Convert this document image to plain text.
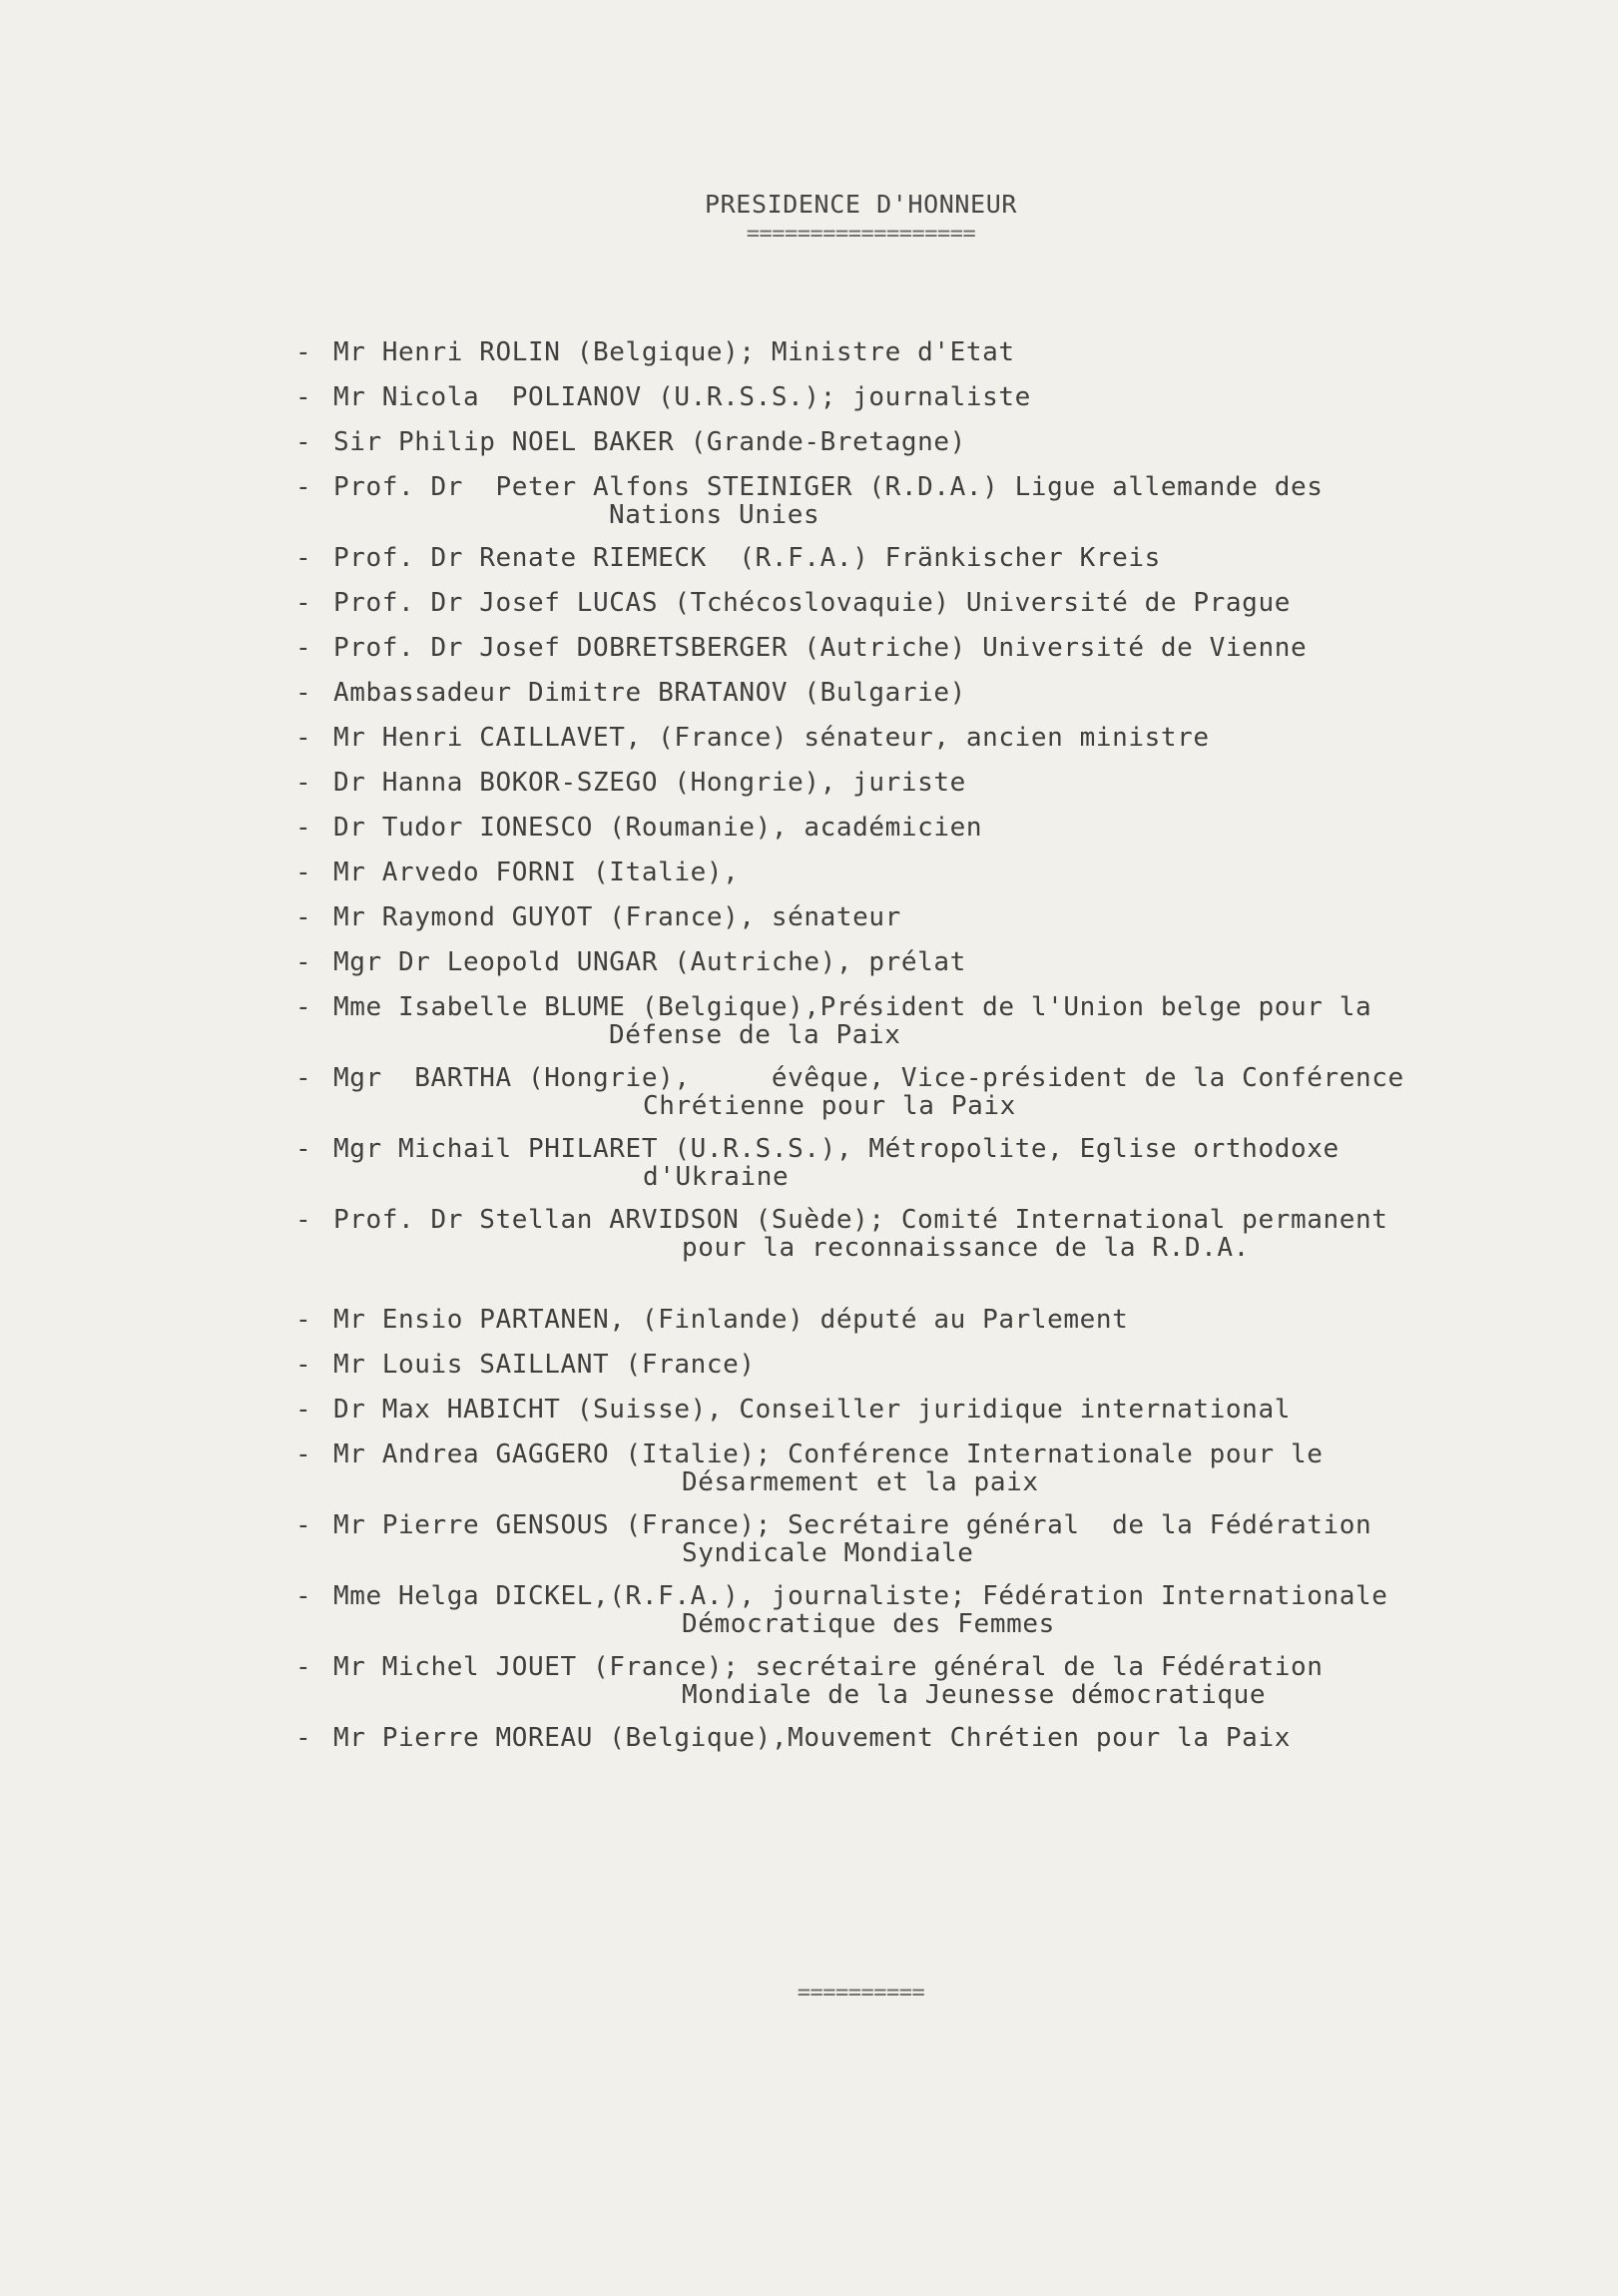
PRESIDENCE D'HONNEUR
==================
- Mr Henri ROLIN (Belgique); Ministre d'Etat
- Mr Nicola  POLIANOV (U.R.S.S.); journaliste
- Sir Philip NOEL BAKER (Grande-Bretagne)
- Prof. Dr  Peter Alfons STEINIGER (R.D.A.) Ligue allemande des
Nations Unies
- Prof. Dr Renate RIEMECK  (R.F.A.) Fränkischer Kreis
- Prof. Dr Josef LUCAS (Tchécoslovaquie) Université de Prague
- Prof. Dr Josef DOBRETSBERGER (Autriche) Université de Vienne
- Ambassadeur Dimitre BRATANOV (Bulgarie)
- Mr Henri CAILLAVET, (France) sénateur, ancien ministre
- Dr Hanna BOKOR-SZEGO (Hongrie), juriste
- Dr Tudor IONESCO (Roumanie), académicien
- Mr Arvedo FORNI (Italie),
- Mr Raymond GUYOT (France), sénateur
- Mgr Dr Leopold UNGAR (Autriche), prélat
- Mme Isabelle BLUME (Belgique),Président de l'Union belge pour la
Défense de la Paix
- Mgr  BARTHA (Hongrie),     évêque, Vice-président de la Conférence
Chrétienne pour la Paix
- Mgr Michail PHILARET (U.R.S.S.), Métropolite, Eglise orthodoxe
d'Ukraine
- Prof. Dr Stellan ARVIDSON (Suède); Comité International permanent
pour la reconnaissance de la R.D.A.
- Mr Ensio PARTANEN, (Finlande) député au Parlement
- Mr Louis SAILLANT (France)
- Dr Max HABICHT (Suisse), Conseiller juridique international
- Mr Andrea GAGGERO (Italie); Conférence Internationale pour le
Désarmement et la paix
- Mr Pierre GENSOUS (France); Secrétaire général  de la Fédération
Syndicale Mondiale
- Mme Helga DICKEL,(R.F.A.), journaliste; Fédération Internationale
Démocratique des Femmes
- Mr Michel JOUET (France); secrétaire général de la Fédération
Mondiale de la Jeunesse démocratique
- Mr Pierre MOREAU (Belgique),Mouvement Chrétien pour la Paix
==========
